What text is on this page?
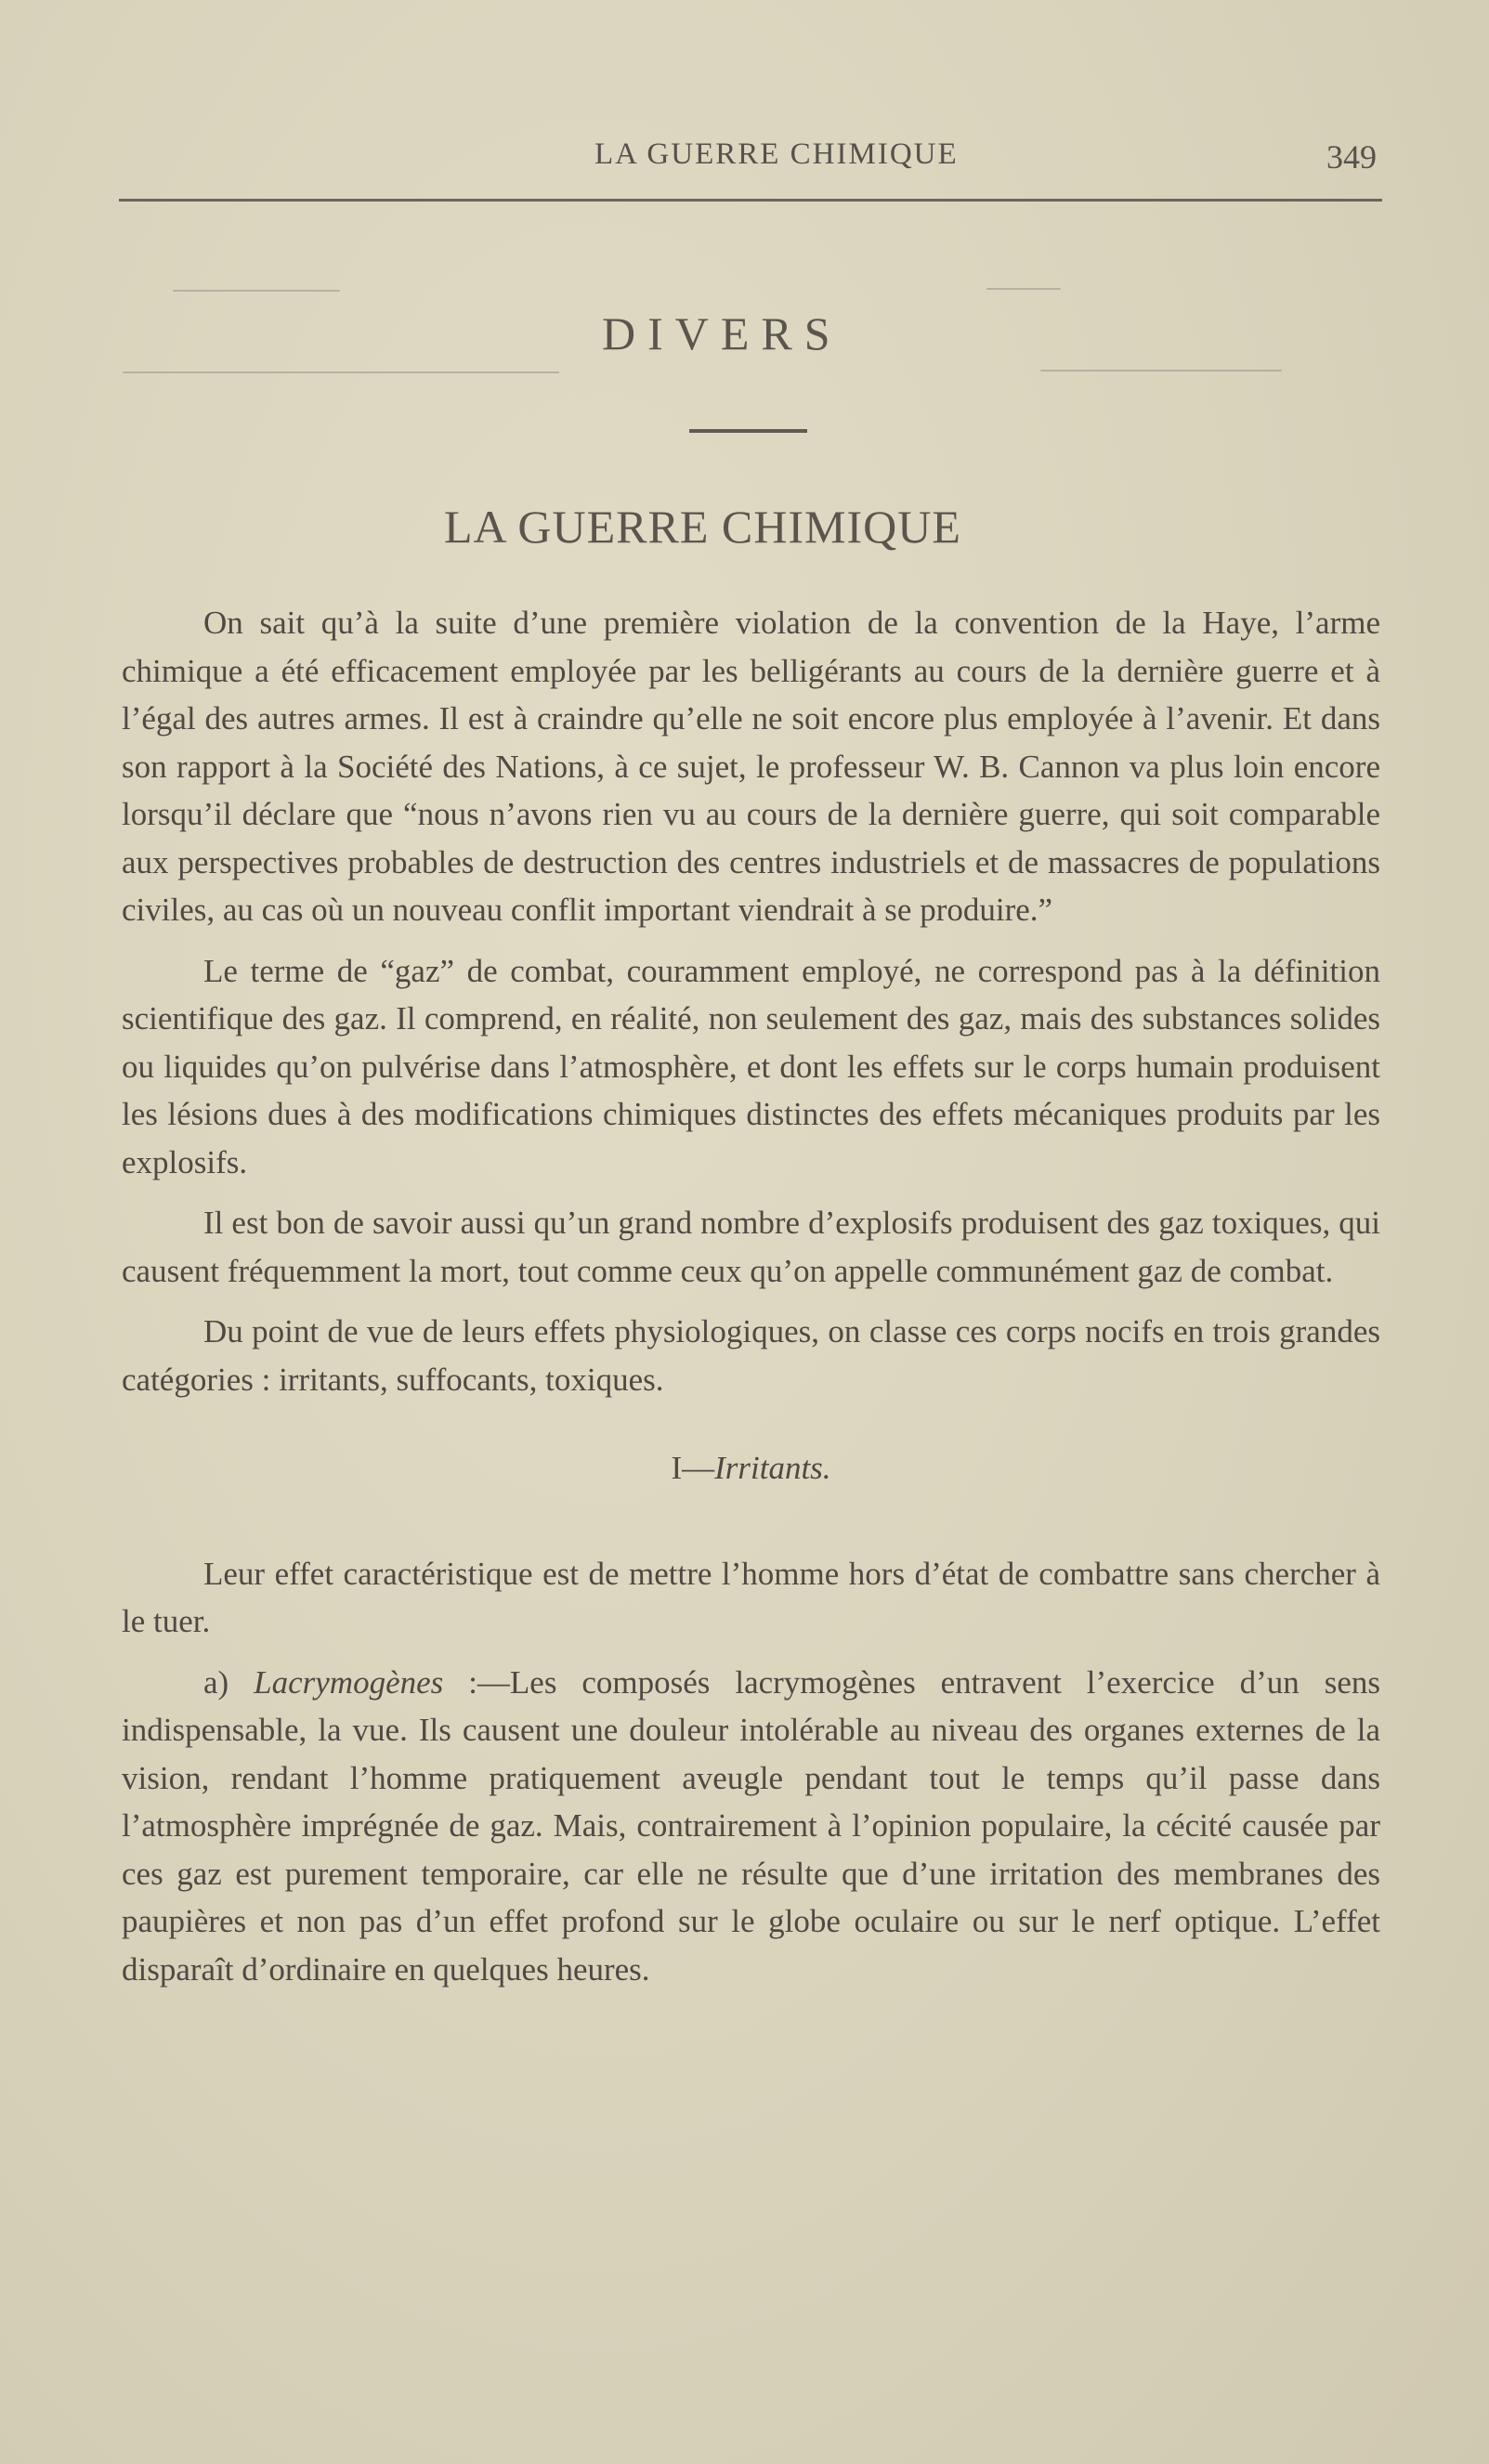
LA GUERRE CHIMIQUE	349
DIVERS
LA GUERRE CHIMIQUE

On sait qu’à la suite d’une première violation de la convention de la Haye, l’arme chimique a été efficacement employée par les belligérants au cours de la dernière guerre et à l’égal des autres armes. Il est à craindre qu’elle ne soit encore plus employée à l’avenir. Et dans son rapport à la Société des Nations, à ce sujet, le professeur W. B. Cannon va plus loin encore lorsqu’il déclare que “nous n’avons rien vu au cours de la dernière guerre, qui soit comparable aux perspectives probables de destruction des centres industriels et de massacres de populations civiles, au cas où un nouveau conflit important viendrait à se produire.”

Le terme de “gaz” de combat, couramment employé, ne correspond pas à la définition scientifique des gaz. Il comprend, en réalité, non seulement des gaz, mais des substances solides ou liquides qu’on pulvérise dans l’atmosphère, et dont les effets sur le corps humain produisent les lésions dues à des modifications chimiques distinctes des effets mécaniques produits par les explosifs.

Il est bon de savoir aussi qu’un grand nombre d’explosifs produisent des gaz toxiques, qui causent fréquemment la mort, tout comme ceux qu’on appelle communément gaz de combat.

Du point de vue de leurs effets physiologiques, on classe ces corps nocifs en trois grandes catégories : irritants, suffocants, toxiques.

I—Irritants.

Leur effet caractéristique est de mettre l’homme hors d’état de combattre sans chercher à le tuer.

a) Lacrymogènes :—Les composés lacrymogènes entravent l’exercice d’un sens indispensable, la vue. Ils causent une douleur intolérable au niveau des organes externes de la vision, rendant l’homme pratiquement aveugle pendant tout le temps qu’il passe dans l’atmosphère imprégnée de gaz. Mais, contrairement à l’opinion populaire, la cécité causée par ces gaz est purement temporaire, car elle ne résulte que d’une irritation des membranes des paupières et non pas d’un effet profond sur le globe oculaire ou sur le nerf optique. L’effet disparaît d’ordinaire en quelques heures.
